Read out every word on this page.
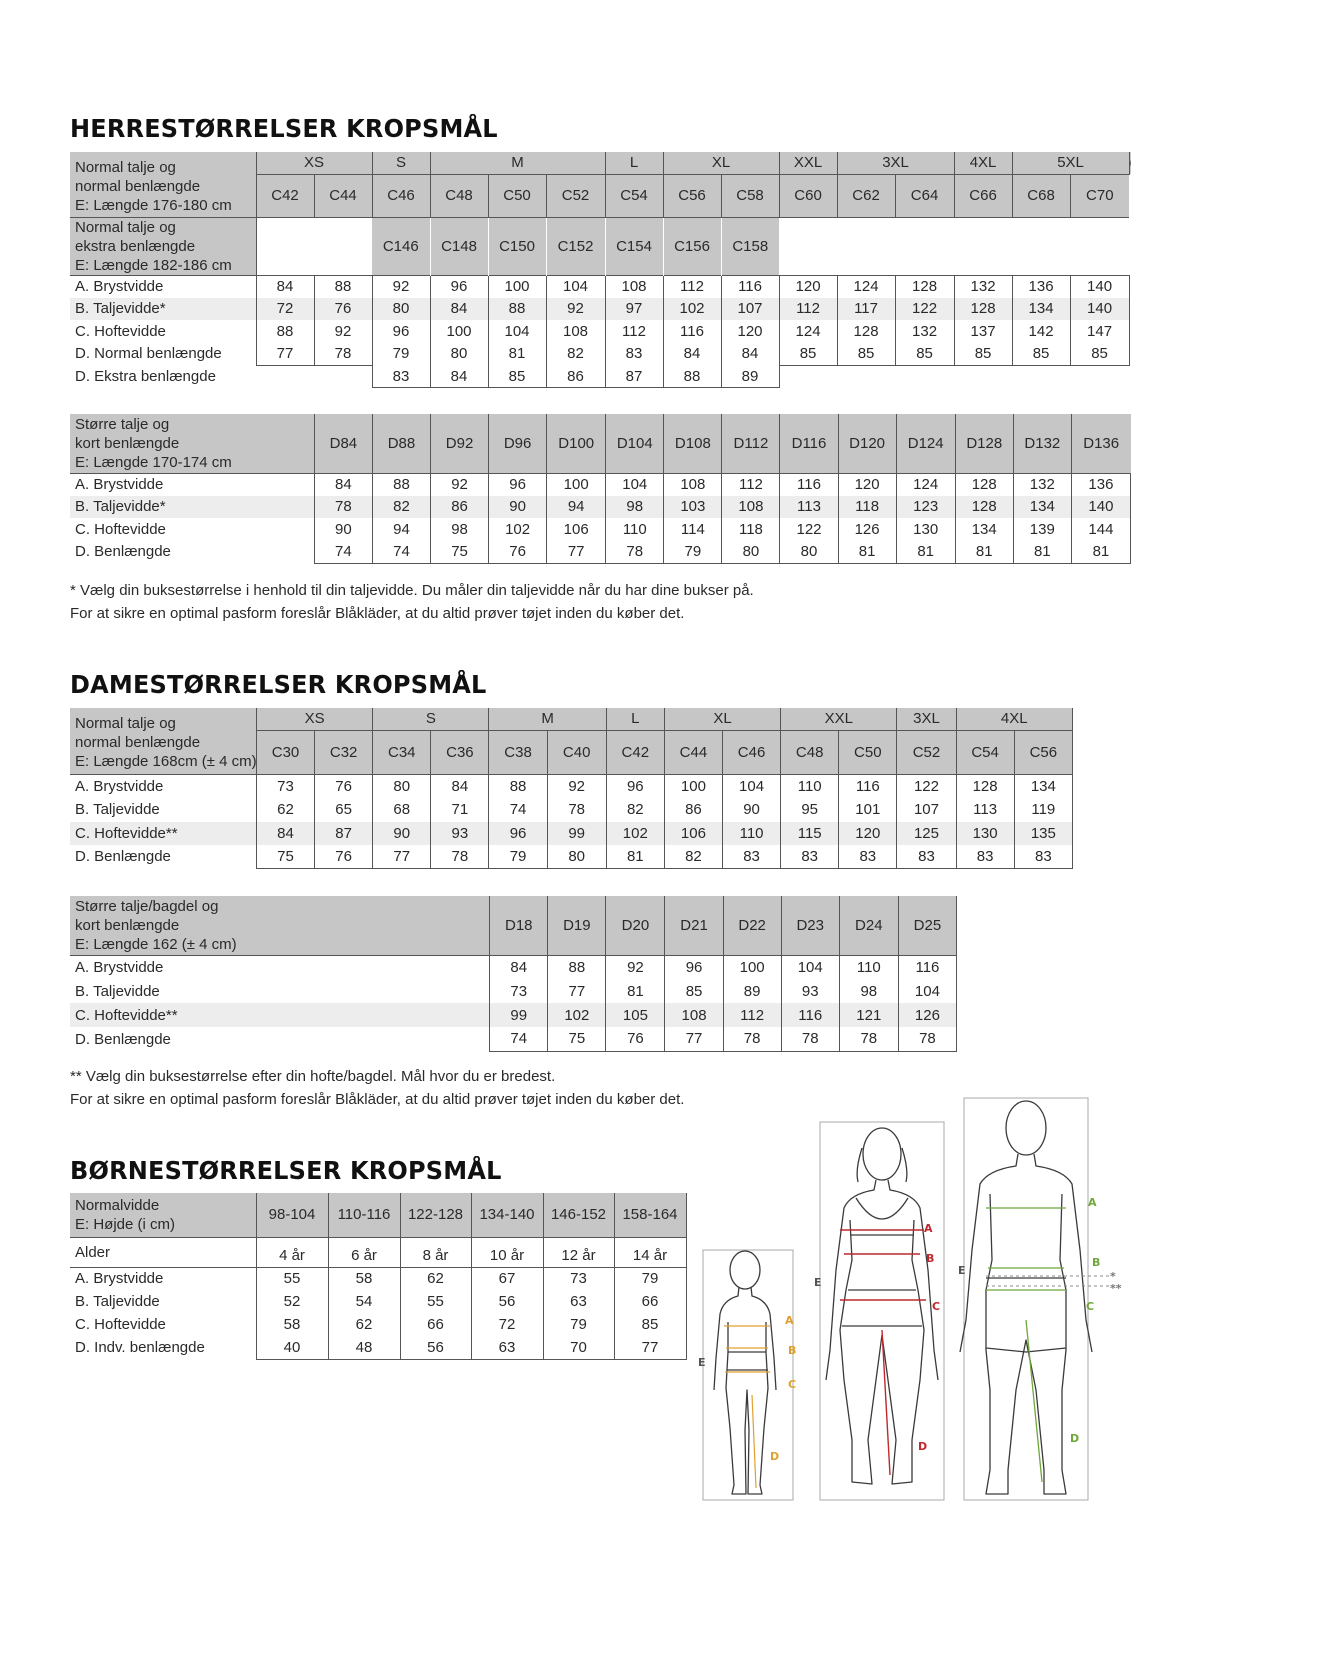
HERRESTØRRELSER KROPSMÅL
Normal talje og
normal benlængde
E: Længde 176-180 cm	XS		S	M			L	XL		XXL	3XL		4XL	5XL	
	C42	C44	C46	C48	C50	C52	C54	C56	C58	C60	C62	C64	C66	C68	C70	

Normal talje og
ekstra benlængde
E: Længde 182-186 cm			C146	C148	C150	C152	C154	C156	C158							
A. Brystvidde	84	88	92	96	100	104	108	112	116	120	124	128	132	136	140	
B. Taljevidde*	72	76	80	84	88	92	97	102	107	112	117	122	128	134	140	
C. Hoftevidde	88	92	96	100	104	108	112	116	120	124	128	132	137	142	147	
D. Normal benlængde	77	78	79	80	81	82	83	84	84	85	85	85	85	85	85	
D. Ekstra benlængde			83	84	85	86	87	88	89							
Større talje og
kort benlængde
E: Længde 170-174 cm	D84	D88	D92	D96	D100	D104	D108	D112	D116	D120	D124	D128	D132	D136
A. Brystvidde	84	88	92	96	100	104	108	112	116	120	124	128	132	136
B. Taljevidde*	78	82	86	90	94	98	103	108	113	118	123	128	134	140
C. Hoftevidde	90	94	98	102	106	110	114	118	122	126	130	134	139	144
D. Benlængde	74	74	75	76	77	78	79	80	80	81	81	81	81	81
* Vælg din buksestørrelse i henhold til din taljevidde. Du måler din taljevidde når du har dine bukser på.
For at sikre en optimal pasform foreslår Blåkläder, at du altid prøver tøjet inden du køber det.
DAMESTØRRELSER KROPSMÅL
Normal talje og
normal benlængde
E: Længde 168cm (± 4 cm)	XS		S		M		L	XL		XXL		3XL	4XL	
	C30	C32	C34	C36	C38	C40	C42	C44	C46	C48	C50	C52	C54	C56
A. Brystvidde	73	76	80	84	88	92	96	100	104	110	116	122	128	134
B. Taljevidde	62	65	68	71	74	78	82	86	90	95	101	107	113	119
C. Hoftevidde**	84	87	90	93	96	99	102	106	110	115	120	125	130	135
D. Benlængde	75	76	77	78	79	80	81	82	83	83	83	83	83	83
Større talje/bagdel og
kort benlængde
E: Længde 162 (± 4 cm)	D18	D19	D20	D21	D22	D23	D24	D25
A. Brystvidde	84	88	92	96	100	104	110	116
B. Taljevidde	73	77	81	85	89	93	98	104
C. Hoftevidde**	99	102	105	108	112	116	121	126
D. Benlængde	74	75	76	77	78	78	78	78
** Vælg din buksestørrelse efter din hofte/bagdel. Mål hvor du er bredest.
For at sikre en optimal pasform foreslår Blåkläder, at du altid prøver tøjet inden du køber det.
BØRNESTØRRELSER KROPSMÅL
Normalvidde
E: Højde (i cm)	98-104	110-116	122-128	134-140	146-152	158-164
Alder	4 år	6 år	8 år	10 år	12 år	14 år
A. Brystvidde	55	58	62	67	73	79
B. Taljevidde	52	54	55	56	63	66
C. Hoftevidde	58	62	66	72	79	85
D. Indv. benlængde	40	48	56	63	70	77
A
B
C
D
E
A
B
C
D
E
A
B
C
D
E	*
**
